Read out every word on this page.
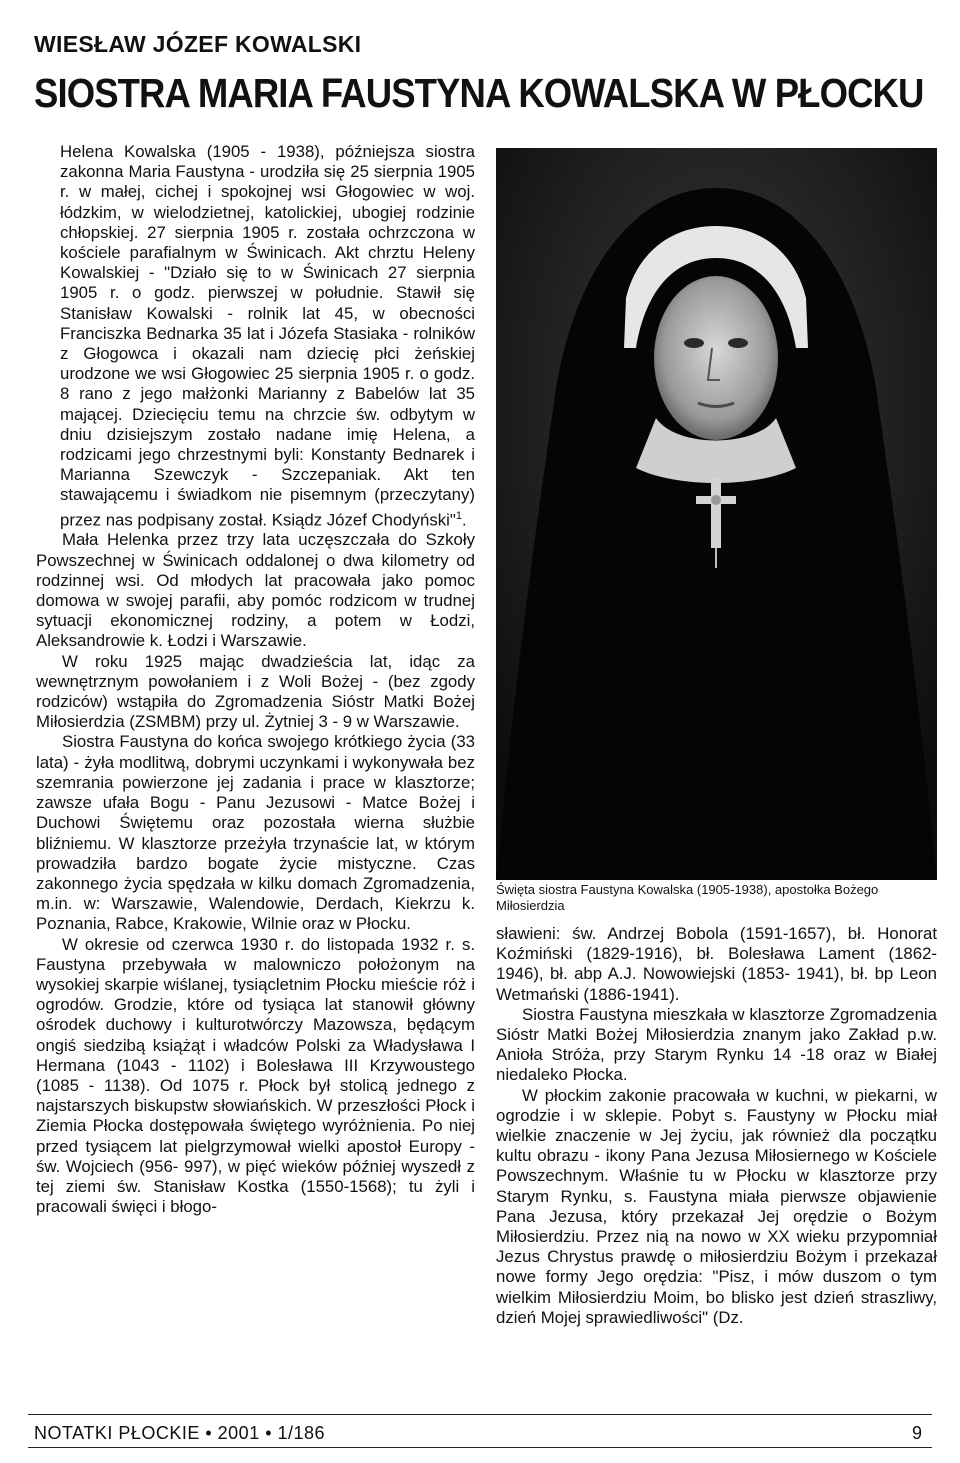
WIESŁAW JÓZEF KOWALSKI
SIOSTRA MARIA FAUSTYNA KOWALSKA W PŁOCKU

Helena Kowalska (1905 - 1938), późniejsza siostra zakonna Maria Faustyna - urodziła się 25 sierpnia 1905 r. w małej, cichej i spokojnej wsi Głogowiec w woj. łódzkim, w wielodzietnej, katolickiej, ubogiej rodzinie chłopskiej. 27 sierpnia 1905 r. została ochrzczona w kościele parafialnym w Świnicach. Akt chrztu Heleny Kowalskiej - "Działo się to w Świnicach 27 sierpnia 1905 r. o godz. pierwszej w południe. Stawił się Stanisław Kowalski - rolnik lat 45, w obecności Franciszka Bednarka 35 lat i Józefa Stasiaka - rolników z Głogowca i okazali nam dziecię płci żeńskiej urodzone we wsi Głogowiec 25 sierpnia 1905 r. o godz. 8 rano z jego małżonki Marianny z Babelów lat 35 mającej. Dziecięciu temu na chrzcie św. odbytym w dniu dzisiejszym zostało nadane imię Helena, a rodzicami jego chrzestnymi byli: Konstanty Bednarek i Marianna Szewczyk - Szczepaniak. Akt ten stawającemu i świadkom nie pisemnym (przeczytany) przez nas podpisany został. Ksiądz Józef Chodyński"$^1$.

Mała Helenka przez trzy lata uczęszczała do Szkoły Powszechnej w Świnicach oddalonej o dwa kilometry od rodzinnej wsi. Od młodych lat pracowała jako pomoc domowa w swojej parafii, aby pomóc rodzicom w trudnej sytuacji ekonomicznej rodziny, a potem w Łodzi, Aleksandrowie k. Łodzi i Warszawie.

W roku 1925 mając dwadzieścia lat, idąc za wewnętrznym powołaniem i z Woli Bożej - (bez zgody rodziców) wstąpiła do Zgromadzenia Sióstr Matki Bożej Miłosierdzia (ZSMBM) przy ul. Żytniej 3 - 9 w Warszawie.

Siostra Faustyna do końca swojego krótkiego życia (33 lata) - żyła modlitwą, dobrymi uczynkami i wykonywała bez szemrania powierzone jej zadania i prace w klasztorze; zawsze ufała Bogu - Panu Jezusowi - Matce Bożej i Duchowi Świętemu oraz pozostała wierna służbie bliźniemu. W klasztorze przeżyła trzynaście lat, w którym prowadziła bardzo bogate życie mistyczne. Czas zakonnego życia spędzała w kilku domach Zgromadzenia, m.in. w: Warszawie, Walendowie, Derdach, Kiekrzu k. Poznania, Rabce, Krakowie, Wilnie oraz w Płocku.

W okresie od czerwca 1930 r. do listopada 1932 r. s. Faustyna przebywała w malowniczo położonym na wysokiej skarpie wiślanej, tysiącletnim Płocku mieście róż i ogrodów. Grodzie, które od tysiąca lat stanowił główny ośrodek duchowy i kulturotwórczy Mazowsza, będącym ongiś siedzibą książąt i władców Polski za Władysława I Hermana (1043 - 1102) i Bolesława III Krzywoustego (1085 - 1138). Od 1075 r. Płock był stolicą jednego z najstarszych biskupstw słowiańskich. W przeszłości Płock i Ziemia Płocka dostępowała świętego wyróżnienia. Po niej przed tysiącem lat pielgrzymował wielki apostoł Europy - św. Wojciech (956- 997), w pięć wieków później wyszedł z tej ziemi św. Stanisław Kostka (1550-1568); tu żyli i pracowali święci i błogo-

Święta siostra Faustyna Kowalska (1905-1938), apostołka Bożego Miłosierdzia

sławieni: św. Andrzej Bobola (1591-1657), bł. Honorat Koźmiński (1829-1916), bł. Bolesława Lament (1862-1946), bł. abp A.J. Nowowiejski (1853- 1941), bł. bp Leon Wetmański (1886-1941).

Siostra Faustyna mieszkała w klasztorze Zgromadzenia Sióstr Matki Bożej Miłosierdzia znanym jako Zakład p.w. Anioła Stróża, przy Starym Rynku 14 -18 oraz w Białej niedaleko Płocka.

W płockim zakonie pracowała w kuchni, w piekarni, w ogrodzie i w sklepie. Pobyt s. Faustyny w Płocku miał wielkie znaczenie w Jej życiu, jak również dla początku kultu obrazu - ikony Pana Jezusa Miłosiernego w Kościele Powszechnym. Właśnie tu w Płocku w klasztorze przy Starym Rynku, s. Faustyna miała pierwsze objawienie Pana Jezusa, który przekazał Jej orędzie o Bożym Miłosierdziu. Przez nią na nowo w XX wieku przypomniał Jezus Chrystus prawdę o miłosierdziu Bożym i przekazał nowe formy Jego orędzia: "Pisz, i mów duszom o tym wielkim Miłosierdziu Moim, bo blisko jest dzień straszliwy, dzień Mojej sprawiedliwości" (Dz.

NOTATKI PŁOCKIE • 2001 • 1/186	9
